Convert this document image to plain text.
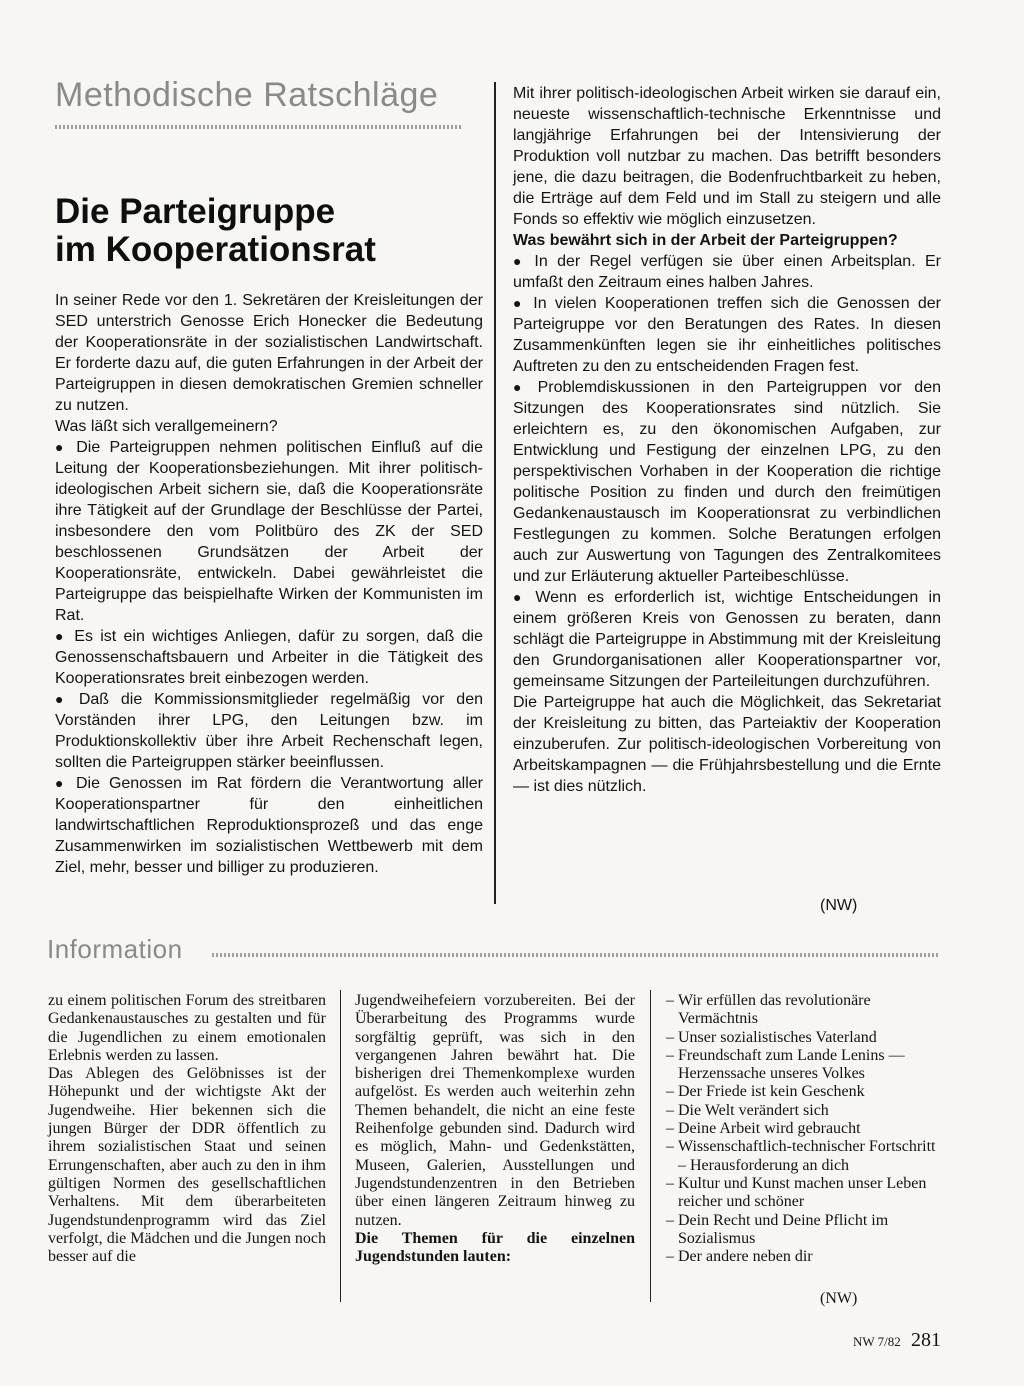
Methodische Ratschläge
Die Parteigruppe
im Kooperationsrat

In seiner Rede vor den 1. Sekretären der Kreisleitungen der SED unterstrich Genosse Erich Honecker die Bedeutung der Kooperationsräte in der sozialistischen Landwirtschaft. Er forderte dazu auf, die guten Erfahrungen in der Arbeit der Parteigruppen in diesen demokratischen Gremien schneller zu nutzen.

Was läßt sich verallgemeinern?

● Die Parteigruppen nehmen politischen Einfluß auf die Leitung der Kooperationsbeziehungen. Mit ihrer politisch-ideologischen Arbeit sichern sie, daß die Kooperationsräte ihre Tätigkeit auf der Grundlage der Beschlüsse der Partei, insbesondere den vom Politbüro des ZK der SED beschlossenen Grundsätzen der Arbeit der Kooperationsräte, entwickeln. Dabei gewährleistet die Parteigruppe das beispielhafte Wirken der Kommunisten im Rat.

● Es ist ein wichtiges Anliegen, dafür zu sorgen, daß die Genossenschaftsbauern und Arbeiter in die Tätigkeit des Kooperationsrates breit einbezogen werden.

● Daß die Kommissionsmitglieder regelmäßig vor den Vorständen ihrer LPG, den Leitungen bzw. im Produktionskollektiv über ihre Arbeit Rechenschaft legen, sollten die Parteigruppen stärker beeinflussen.

● Die Genossen im Rat fördern die Verantwortung aller Kooperationspartner für den einheitlichen landwirtschaftlichen Reproduktionsprozeß und das enge Zusammenwirken im sozialistischen Wettbewerb mit dem Ziel, mehr, besser und billiger zu produzieren.

Mit ihrer politisch-ideologischen Arbeit wirken sie darauf ein, neueste wissenschaftlich-technische Erkenntnisse und langjährige Erfahrungen bei der Intensivierung der Produktion voll nutzbar zu machen. Das betrifft besonders jene, die dazu beitragen, die Bodenfruchtbarkeit zu heben, die Erträge auf dem Feld und im Stall zu steigern und alle Fonds so effektiv wie möglich einzusetzen.

Was bewährt sich in der Arbeit der Parteigruppen?

● In der Regel verfügen sie über einen Arbeitsplan. Er umfaßt den Zeitraum eines halben Jahres.

● In vielen Kooperationen treffen sich die Genossen der Parteigruppe vor den Beratungen des Rates. In diesen Zusammenkünften legen sie ihr einheitliches politisches Auftreten zu den zu entscheidenden Fragen fest.

● Problemdiskussionen in den Parteigruppen vor den Sitzungen des Kooperationsrates sind nützlich. Sie erleichtern es, zu den ökonomischen Aufgaben, zur Entwicklung und Festigung der einzelnen LPG, zu den perspektivischen Vorhaben in der Kooperation die richtige politische Position zu finden und durch den freimütigen Gedankenaustausch im Kooperationsrat zu verbindlichen Festlegungen zu kommen. Solche Beratungen erfolgen auch zur Auswertung von Tagungen des Zentralkomitees und zur Erläuterung aktueller Parteibeschlüsse.

● Wenn es erforderlich ist, wichtige Entscheidungen in einem größeren Kreis von Genossen zu beraten, dann schlägt die Parteigruppe in Abstimmung mit der Kreisleitung den Grundorganisationen aller Kooperationspartner vor, gemeinsame Sitzungen der Parteileitungen durchzuführen.

Die Parteigruppe hat auch die Möglichkeit, das Sekretariat der Kreisleitung zu bitten, das Parteiaktiv der Kooperation einzuberufen. Zur politisch-ideologischen Vorbereitung von Arbeitskampagnen — die Frühjahrsbestellung und die Ernte — ist dies nützlich.

(NW)
Information

zu einem politischen Forum des streitbaren Gedankenaustausches zu gestalten und für die Jugendlichen zu einem emotionalen Erlebnis werden zu lassen.

Das Ablegen des Gelöbnisses ist der Höhepunkt und der wichtigste Akt der Jugendweihe. Hier bekennen sich die jungen Bürger der DDR öffentlich zu ihrem sozialistischen Staat und seinen Errungenschaften, aber auch zu den in ihm gültigen Normen des gesellschaftlichen Verhaltens. Mit dem überarbeiteten Jugendstundenprogramm wird das Ziel verfolgt, die Mädchen und die Jungen noch besser auf die

Jugendweihefeiern vorzubereiten. Bei der Überarbeitung des Programms wurde sorgfältig geprüft, was sich in den vergangenen Jahren bewährt hat. Die bisherigen drei Themenkomplexe wurden aufgelöst. Es werden auch weiterhin zehn Themen behandelt, die nicht an eine feste Reihenfolge gebunden sind. Dadurch wird es möglich, Mahn- und Gedenkstätten, Museen, Galerien, Ausstellungen und Jugendstundenzentren in den Betrieben über einen längeren Zeitraum hinweg zu nutzen.

Die Themen für die einzelnen Jugendstunden lauten:

– Wir erfüllen das revolutionäre Vermächtnis
– Unser sozialistisches Vaterland
– Freundschaft zum Lande Lenins — Herzenssache unseres Volkes
– Der Friede ist kein Geschenk
– Die Welt verändert sich
– Deine Arbeit wird gebraucht
– Wissenschaftlich-technischer Fortschritt – Herausforderung an dich
– Kultur und Kunst machen unser Leben reicher und schöner
– Dein Recht und Deine Pflicht im Sozialismus
– Der andere neben dir
(NW)
NW 7/82 281
